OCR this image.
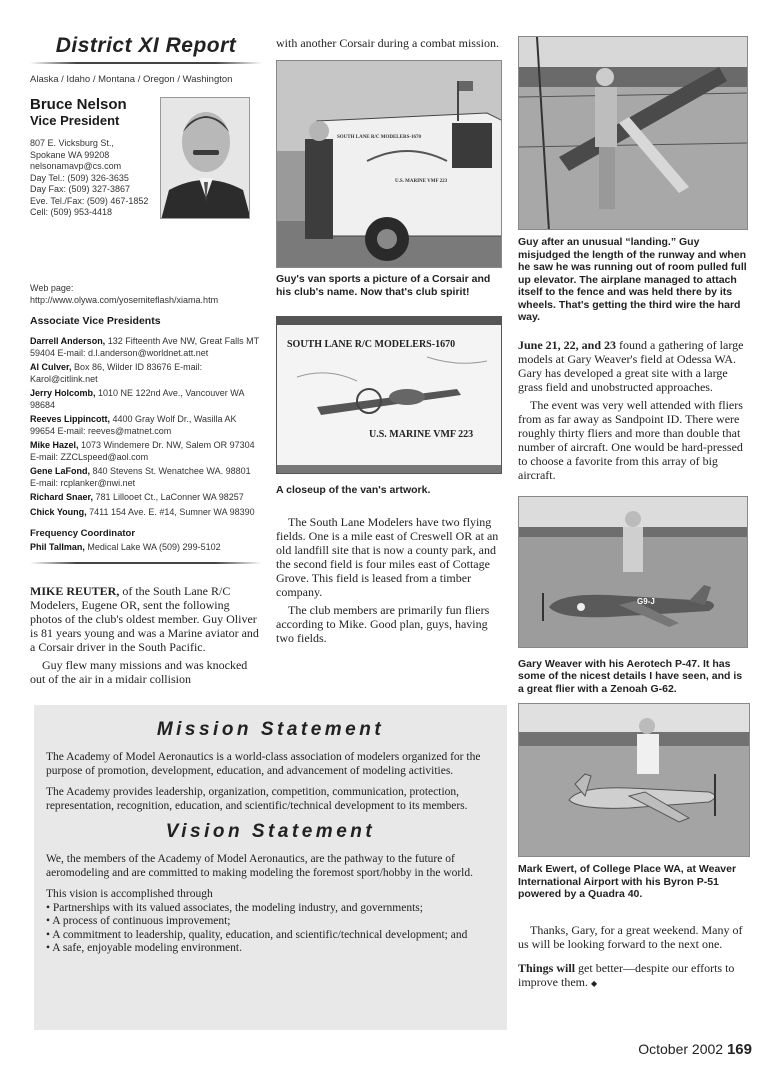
District XI Report
Alaska / Idaho / Montana / Oregon / Washington
Bruce Nelson
Vice President
807 E. Vicksburg St.,
Spokane WA 99208
nelsonamavp@cs.com
Day Tel.: (509) 326-3635
Day Fax: (509) 327-3867
Eve. Tel./Fax: (509) 467-1852
Cell: (509) 953-4418
Web page:
http://www.olywa.com/yosemiteflash/xiama.htm
Associate Vice Presidents
Darrell Anderson, 132 Fifteenth Ave NW, Great Falls MT 59404 E-mail: d.l.anderson@worldnet.att.net
Al Culver, Box 86, Wilder ID 83676 E-mail: Karol@citlink.net
Jerry Holcomb, 1010 NE 122nd Ave., Vancouver WA 98684
Reeves Lippincott, 4400 Gray Wolf Dr., Wasilla AK 99654 E-mail: reeves@matnet.com
Mike Hazel, 1073 Windemere Dr. NW, Salem OR 97304 E-mail: ZZCLspeed@aol.com
Gene LaFond, 840 Stevens St. Wenatchee WA. 98801 E-mail: rcplanker@nwi.net
Richard Snaer, 781 Lillooet Ct., LaConner WA 98257
Chick Young, 7411 154 Ave. E. #14, Sumner WA 98390
Frequency Coordinator
Phil Tallman, Medical Lake WA (509) 299-5102

MIKE REUTER, of the South Lane R/C Modelers, Eugene OR, sent the following photos of the club's oldest member. Guy Oliver is 81 years young and was a Marine aviator and a Corsair driver in the South Pacific.

Guy flew many missions and was knocked out of the air in a midair collision

with another Corsair during a combat mission.

SOUTH LANE R/C MODELERS-1670
U.S. MARINE VMF 223
Guy's van sports a picture of a Corsair and his club's name. Now that's club spirit!
SOUTH LANE R/C MODELERS-1670
U.S. MARINE VMF 223
A closeup of the van's artwork.

The South Lane Modelers have two flying fields. One is a mile east of Creswell OR at an old landfill site that is now a county park, and the second field is four miles east of Cottage Grove. This field is leased from a timber company.

The club members are primarily fun fliers according to Mike. Good plan, guys, having two fields.

Guy after an unusual “landing.” Guy misjudged the length of the runway and when he saw he was running out of room pulled full up elevator. The airplane managed to attach itself to the fence and was held there by its wheels. That's getting the third wire the hard way.

June 21, 22, and 23 found a gathering of large models at Gary Weaver's field at Odessa WA. Gary has developed a great site with a large grass field and unobstructed approaches.

The event was very well attended with fliers from as far away as Sandpoint ID. There were roughly thirty fliers and more than double that number of aircraft. One would be hard-pressed to choose a favorite from this array of big aircraft.

G9-J
Gary Weaver with his Aerotech P-47. It has some of the nicest details I have seen, and is a great flier with a Zenoah G-62.
Mark Ewert, of College Place WA, at Weaver International Airport with his Byron P-51 powered by a Quadra 40.

Thanks, Gary, for a great weekend. Many of us will be looking forward to the next one.

Things will get better—despite our efforts to improve them. ◆

Mission Statement

The Academy of Model Aeronautics is a world-class association of modelers organized for the purpose of promotion, development, education, and advancement of modeling activities.

The Academy provides leadership, organization, competition, communication, protection, representation, recognition, education, and scientific/technical development to its members.

Vision Statement

We, the members of the Academy of Model Aeronautics, are the pathway to the future of aeromodeling and are committed to making modeling the foremost sport/hobby in the world.

This vision is accomplished through

• Partnerships with its valued associates, the modeling industry, and governments;
• A process of continuous improvement;
• A commitment to leadership, quality, education, and scientific/technical development; and
• A safe, enjoyable modeling environment.
October 2002 169
